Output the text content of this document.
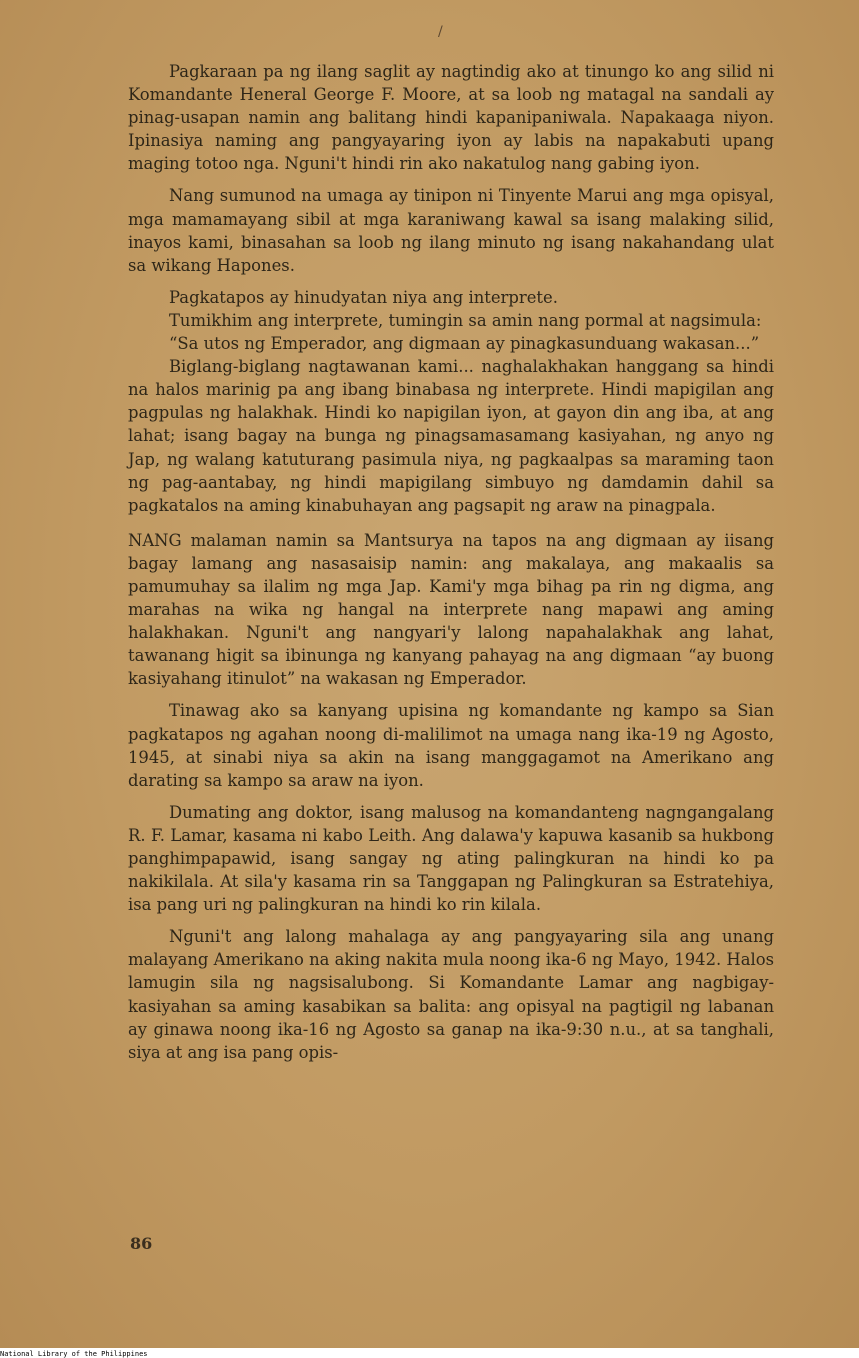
/

Pagkaraan pa ng ilang saglit ay nagtindig ako at tinungo ko ang silid ni Komandante Heneral George F. Moore, at sa loob ng matagal na sandali ay pinag-usapan namin ang balitang hindi kapanipaniwala. Napakaaga niyon. Ipinasiya naming ang pangyayaring iyon ay labis na napakabuti upang maging totoo nga. Nguni't hindi rin ako nakatulog nang gabing iyon.

Nang sumunod na umaga ay tinipon ni Tinyente Marui ang mga opisyal, mga mamamayang sibil at mga karaniwang kawal sa isang malaking silid, inayos kami, binasahan sa loob ng ilang minuto ng isang nakahandang ulat sa wikang Hapones.

Pagkatapos ay hinudyatan niya ang interprete.

Tumikhim ang interprete, tumingin sa amin nang pormal at nagsimula:

“Sa utos ng Emperador, ang digmaan ay pinagkasunduang wakasan...”

Biglang-biglang nagtawanan kami... naghalakhakan hanggang sa hindi na halos marinig pa ang ibang binabasa ng interprete. Hindi mapigilan ang pagpulas ng halakhak. Hindi ko napigilan iyon, at gayon din ang iba, at ang lahat; isang bagay na bunga ng pinagsamasamang kasiyahan, ng anyo ng Jap, ng walang katuturang pasimula niya, ng pagkaalpas sa maraming taon ng pag-aantabay, ng hindi mapigilang simbuyo ng damdamin dahil sa pagkatalos na aming kinabuhayan ang pagsapit ng araw na pinagpala.

NANG malaman namin sa Mantsurya na tapos na ang digmaan ay iisang bagay lamang ang nasasaisip namin: ang makalaya, ang makaalis sa pamumuhay sa ilalim ng mga Jap. Kami'y mga bihag pa rin ng digma, ang marahas na wika ng hangal na interprete nang mapawi ang aming halakhakan. Nguni't ang nangyari'y lalong napahalakhak ang lahat, tawanang higit sa ibinunga ng kanyang pahayag na ang digmaan “ay buong kasiyahang itinulot” na wakasan ng Emperador.

Tinawag ako sa kanyang upisina ng komandante ng kampo sa Sian pagkatapos ng agahan noong di-malilimot na umaga nang ika-19 ng Agosto, 1945, at sinabi niya sa akin na isang manggagamot na Amerikano ang darating sa kampo sa araw na iyon.

Dumating ang doktor, isang malusog na komandanteng nagngangalang R. F. Lamar, kasama ni kabo Leith. Ang dalawa'y kapuwa kasanib sa hukbong panghimpapawid, isang sangay ng ating palingkuran na hindi ko pa nakikilala. At sila'y kasama rin sa Tanggapan ng Palingkuran sa Estratehiya, isa pang uri ng palingkuran na hindi ko rin kilala.

Nguni't ang lalong mahalaga ay ang pangyayaring sila ang unang malayang Amerikano na aking nakita mula noong ika-6 ng Mayo, 1942. Halos lamugin sila ng nagsisalubong. Si Komandante Lamar ang nagbigay-kasiyahan sa aming kasabikan sa balita: ang opisyal na pagtigil ng labanan ay ginawa noong ika-16 ng Agosto sa ganap na ika-9:30 n.u., at sa tanghali, siya at ang isa pang opis-

86
National Library of the Philippines
